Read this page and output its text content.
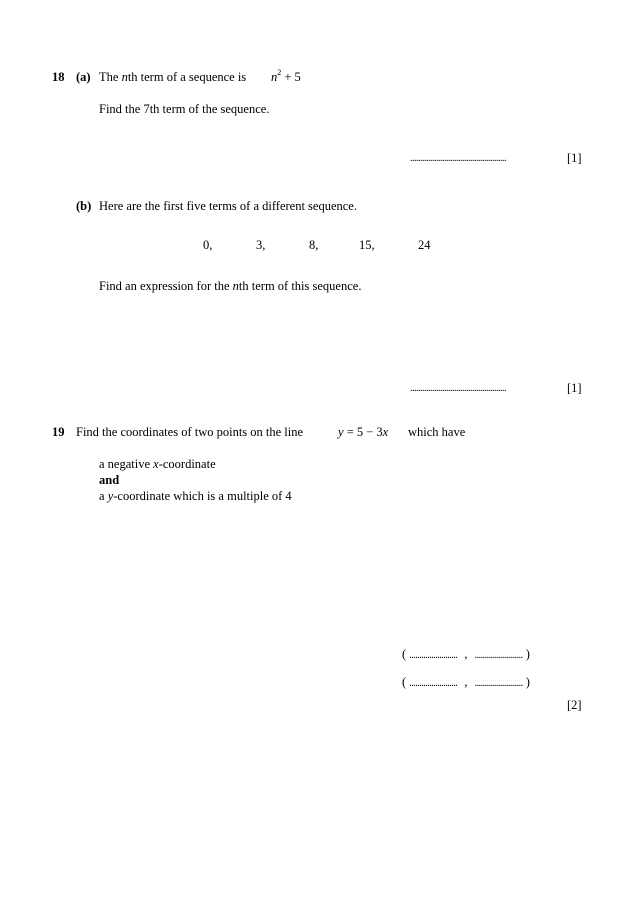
18 (a) The nth term of a sequence is $n^2 + 5$
Find the 7th term of the sequence.
................................................	[1]
(b) Here are the first five terms of a different sequence.
0,	3,	8,	15,	24
Find an expression for the nth term of this sequence.
................................................	[1]
19 Find the coordinates of two points on the line	y = 5 − 3x which have
a negative x-coordinate
and
a y-coordinate which is a multiple of 4
( ........................ , ........................ )
( ........................ , ........................ )
[2]
